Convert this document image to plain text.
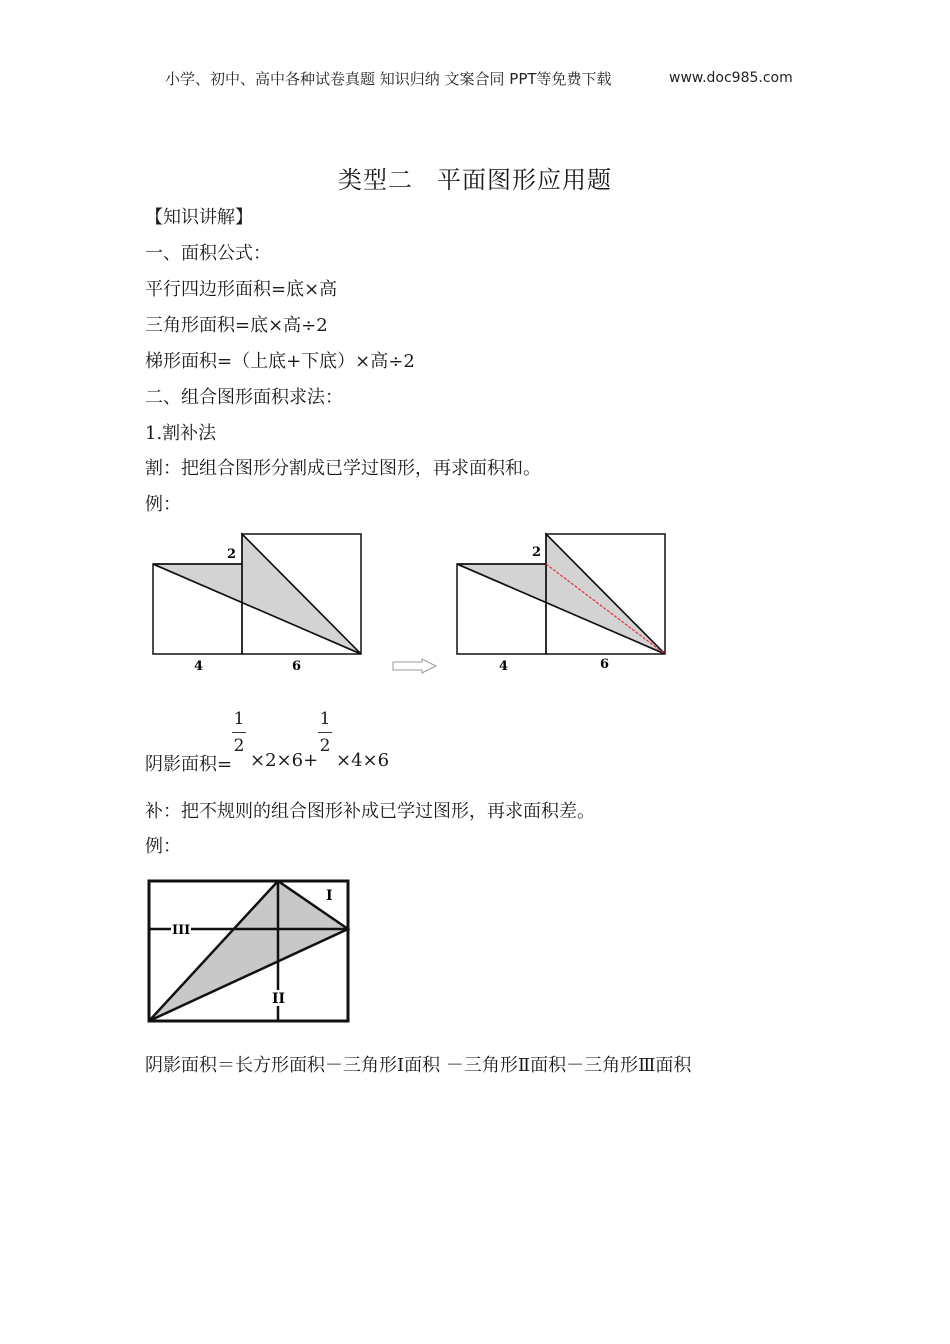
小学、初中、高中各种试卷真题 知识归纳 文案合同 PPT等免费下载	www.doc985.com
类型二 平面图形应用题
【知识讲解】
一、面积公式：
平行四边形面积=底×高
三角形面积=底×高÷2
梯形面积=（上底+下底）×高÷2
二、组合图形面积求法：
1.割补法
割：把组合图形分割成已学过图形，再求面积和。
例：
2
4	6
2
4	6
阴影面积=
1
2
×2×6+
1
2
×4×6
补：把不规则的组合图形补成已学过图形，再求面积差。
例：
I
II
III
阴影面积＝长方形面积－三角形Ⅰ面积 －三角形Ⅱ面积－三角形Ⅲ面积
